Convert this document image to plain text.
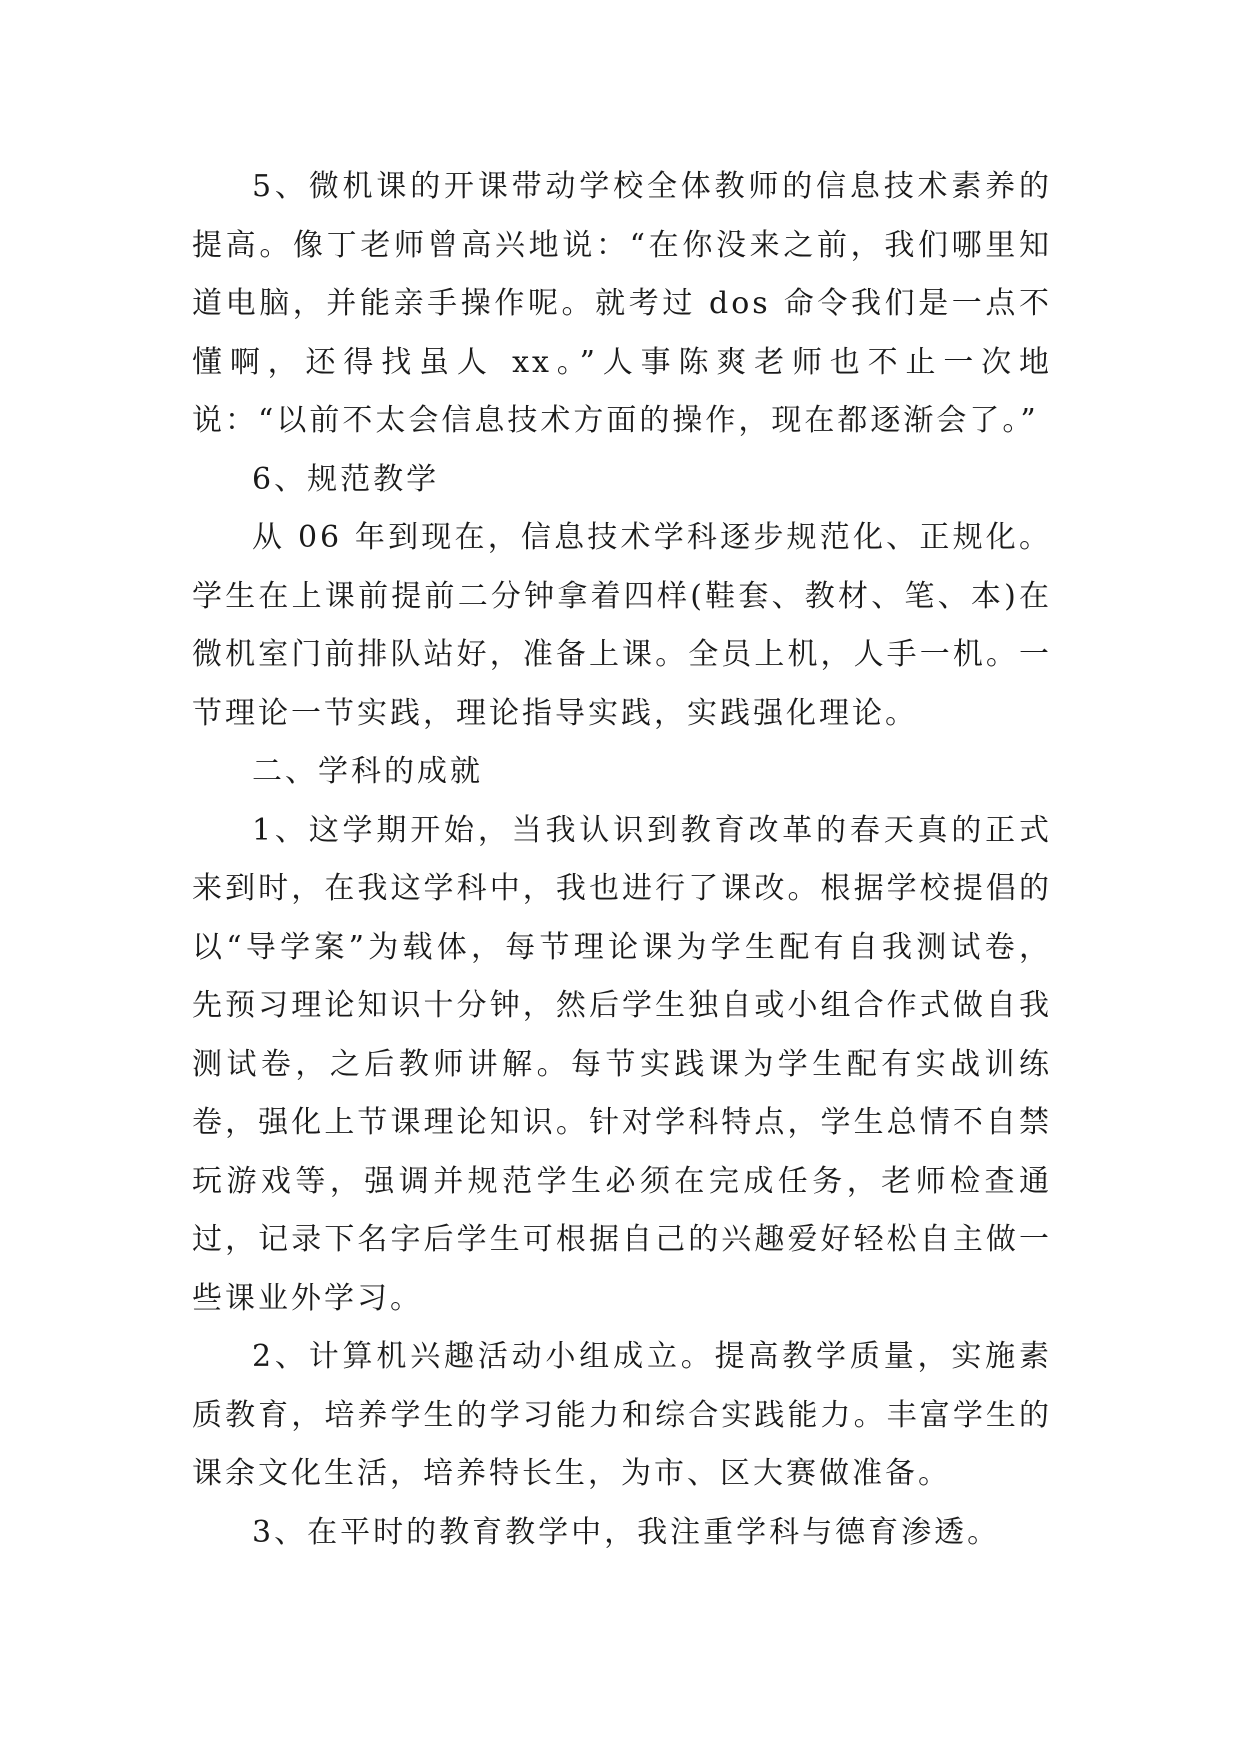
5、微机课的开课带动学校全体教师的信息技术素养的提高。像丁老师曾高兴地说：“在你没来之前，我们哪里知道电脑，并能亲手操作呢。就考过 dos 命令我们是一点不懂啊，还得找虽人 xx。”人事陈爽老师也不止一次地说：“以前不太会信息技术方面的操作，现在都逐渐会了。”

6、规范教学

从 06 年到现在，信息技术学科逐步规范化、正规化。学生在上课前提前二分钟拿着四样(鞋套、教材、笔、本)在微机室门前排队站好，准备上课。全员上机，人手一机。一节理论一节实践，理论指导实践，实践强化理论。

二、学科的成就

1、这学期开始，当我认识到教育改革的春天真的正式来到时，在我这学科中，我也进行了课改。根据学校提倡的以“导学案”为载体，每节理论课为学生配有自我测试卷，先预习理论知识十分钟，然后学生独自或小组合作式做自我测试卷，之后教师讲解。每节实践课为学生配有实战训练卷，强化上节课理论知识。针对学科特点，学生总情不自禁玩游戏等，强调并规范学生必须在完成任务，老师检查通过，记录下名字后学生可根据自己的兴趣爱好轻松自主做一些课业外学习。

2、计算机兴趣活动小组成立。提高教学质量，实施素质教育，培养学生的学习能力和综合实践能力。丰富学生的课余文化生活，培养特长生，为市、区大赛做准备。

3、在平时的教育教学中，我注重学科与德育渗透。
